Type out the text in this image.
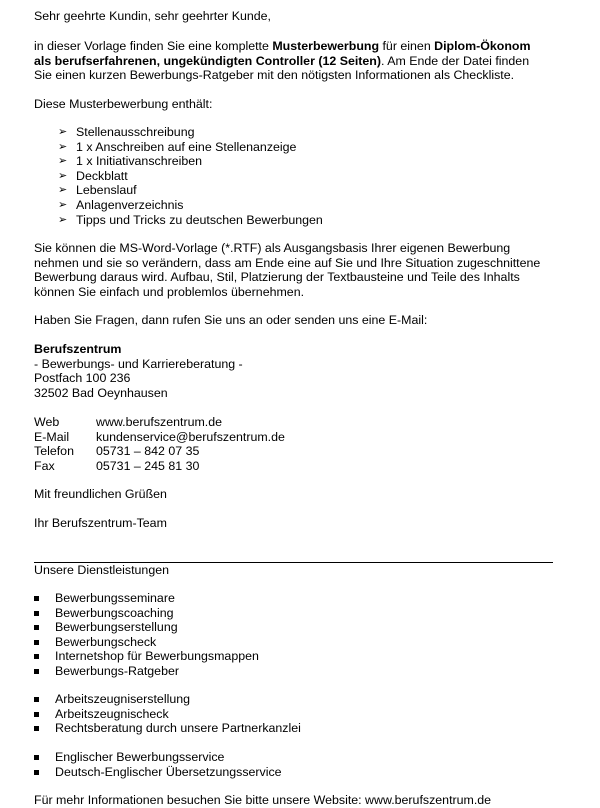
Sehr geehrte Kundin, sehr geehrter Kunde,

in dieser Vorlage finden Sie eine komplette Musterbewerbung für einen Diplom-Ökonom
als berufserfahrenen, ungekündigten Controller (12 Seiten). Am Ende der Datei finden
Sie einen kurzen Bewerbungs-Ratgeber mit den nötigsten Informationen als Checkliste.

Diese Musterbewerbung enthält:

➢ Stellenausschreibung
➢ 1 x Anschreiben auf eine Stellenanzeige
➢ 1 x Initiativanschreiben
➢ Deckblatt
➢ Lebenslauf
➢ Anlagenverzeichnis
➢ Tipps und Tricks zu deutschen Bewerbungen

Sie können die MS-Word-Vorlage (*.RTF) als Ausgangsbasis Ihrer eigenen Bewerbung
nehmen und sie so verändern, dass am Ende eine auf Sie und Ihre Situation zugeschnittene
Bewerbung daraus wird. Aufbau, Stil, Platzierung der Textbausteine und Teile des Inhalts
können Sie einfach und problemlos übernehmen.

Haben Sie Fragen, dann rufen Sie uns an oder senden uns eine E-Mail:

Berufszentrum
- Bewerbungs- und Karriereberatung -
Postfach 100 236
32502 Bad Oeynhausen

Web	www.berufszentrum.de
E-Mail	kundenservice@berufszentrum.de
Telefon	05731 – 842 07 35
Fax	05731 – 245 81 30

Mit freundlichen Grüßen

Ihr Berufszentrum-Team

Unsere Dienstleistungen

Bewerbungsseminare
Bewerbungscoaching
Bewerbungserstellung
Bewerbungscheck
Internetshop für Bewerbungsmappen
Bewerbungs-Ratgeber
Arbeitszeugniserstellung
Arbeitszeugnischeck
Rechtsberatung durch unsere Partnerkanzlei
Englischer Bewerbungsservice
Deutsch-Englischer Übersetzungsservice

Für mehr Informationen besuchen Sie bitte unsere Website: www.berufszentrum.de
